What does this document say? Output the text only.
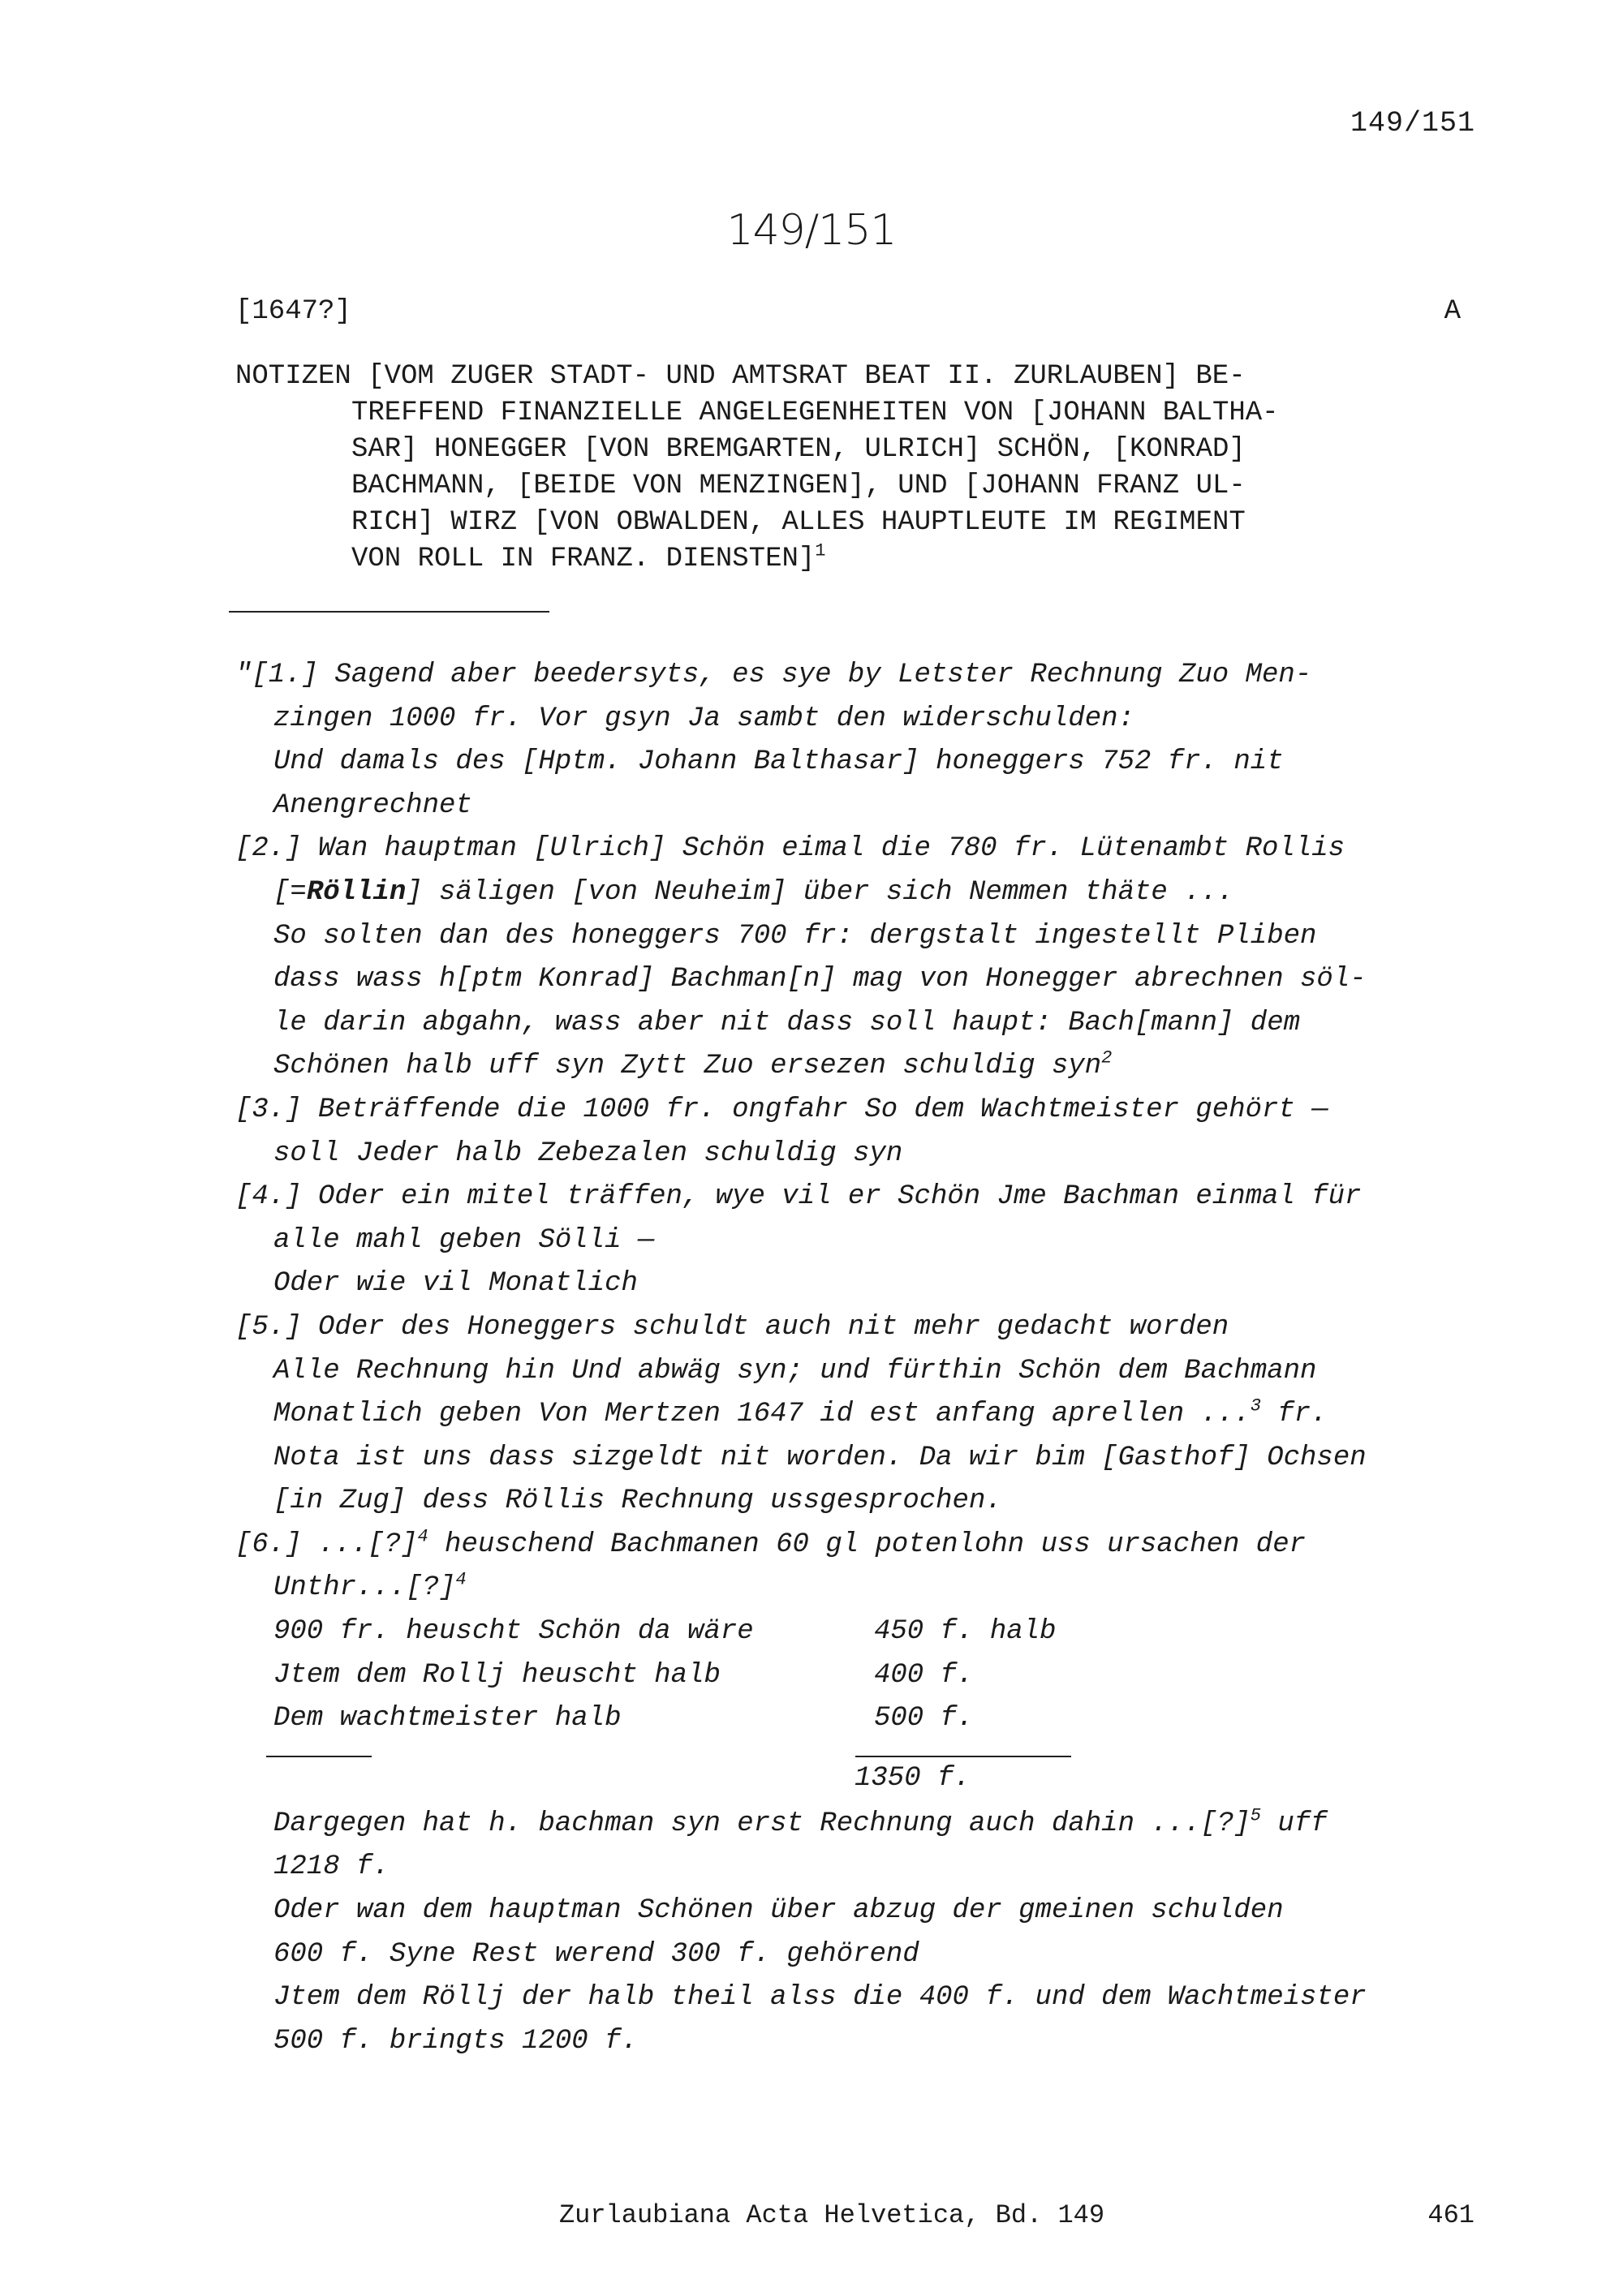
149/151
149/151
[1647?]	A
NOTIZEN [VOM ZUGER STADT- UND AMTSRAT BEAT II. ZURLAUBEN] BE-
TREFFEND FINANZIELLE ANGELEGENHEITEN VON [JOHANN BALTHA-
SAR] HONEGGER [VON BREMGARTEN, ULRICH] SCHÖN, [KONRAD]
BACHMANN, [BEIDE VON MENZINGEN], UND [JOHANN FRANZ UL-
RICH] WIRZ [VON OBWALDEN, ALLES HAUPTLEUTE IM REGIMENT
VON ROLL IN FRANZ. DIENSTEN]$^1$
"[1.] Sagend aber beedersyts, es sye by Letster Rechnung Zuo Men-
zingen 1000 fr. Vor gsyn Ja sambt den widerschulden:
Und damals des [Hptm. Johann Balthasar] honeggers 752 fr. nit
Anengrechnet
[2.] Wan hauptman [Ulrich] Schön eimal die 780 fr. Lütenambt Rollis
[=Röllin] säligen [von Neuheim] über sich Nemmen thäte ...
So solten dan des honeggers 700 fr: dergstalt ingestellt Pliben
dass wass h[ptm Konrad] Bachman[n] mag von Honegger abrechnen söl-
le darin abgahn, wass aber nit dass soll haupt: Bach[mann] dem
Schönen halb uff syn Zytt Zuo ersezen schuldig syn$^2$
[3.] Beträffende die 1000 fr. ongfahr So dem Wachtmeister gehört —
soll Jeder halb Zebezalen schuldig syn
[4.] Oder ein mitel träffen, wye vil er Schön Jme Bachman einmal für
alle mahl geben Sölli —
Oder wie vil Monatlich
[5.] Oder des Honeggers schuldt auch nit mehr gedacht worden
Alle Rechnung hin Und abwäg syn; und fürthin Schön dem Bachmann
Monatlich geben Von Mertzen 1647 id est anfang aprellen ...$^3$ fr.
Nota ist uns dass sizgeldt nit worden. Da wir bim [Gasthof] Ochsen
[in Zug] dess Röllis Rechnung ussgesprochen.
[6.] ...[?]$^4$ heuschend Bachmanen 60 gl potenlohn uss ursachen der
Unthr...[?]$^4$
900 fr. heuscht Schön da wäre	450 f. halb
Jtem dem Rollj heuscht halb	400 f.
Dem wachtmeister halb	500 f.
1350 f.
Dargegen hat h. bachman syn erst Rechnung auch dahin ...[?]$^5$ uff
1218 f.
Oder wan dem hauptman Schönen über abzug der gmeinen schulden
600 f. Syne Rest werend 300 f. gehörend
Jtem dem Röllj der halb theil alss die 400 f. und dem Wachtmeister
500 f. bringts 1200 f.
Zurlaubiana Acta Helvetica, Bd. 149	461
